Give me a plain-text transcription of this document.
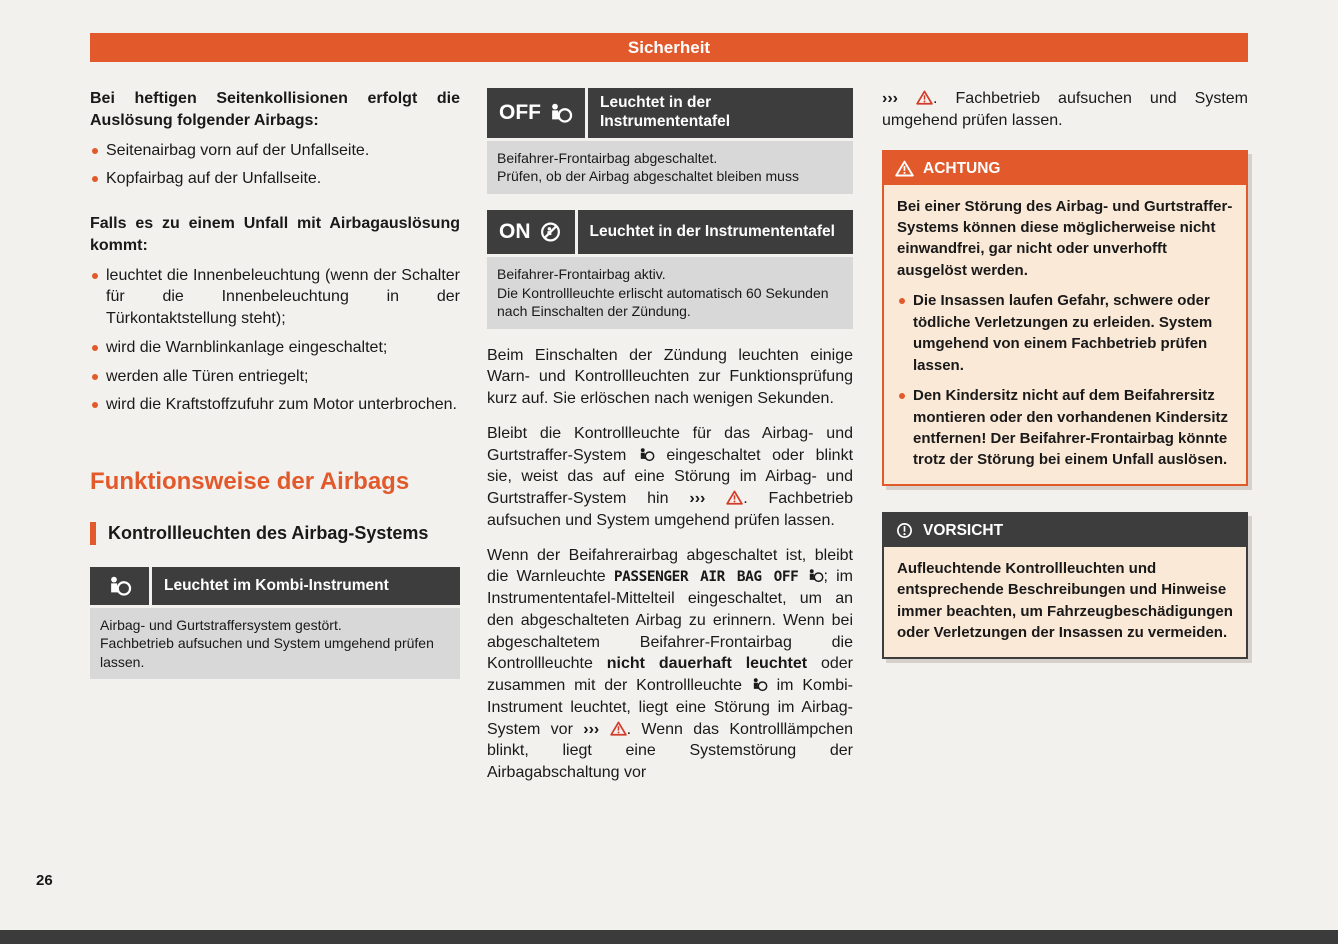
Sicherheit

Bei heftigen Seitenkollisionen erfolgt die Auslösung folgender Airbags:

Seitenairbag vorn auf der Unfallseite.
Kopfairbag auf der Unfallseite.

Falls es zu einem Unfall mit Airbagauslösung kommt:

leuchtet die Innenbeleuchtung (wenn der Schalter für die Innenbeleuchtung in der Türkontaktstellung steht);
wird die Warnblinkanlage eingeschaltet;
werden alle Türen entriegelt;
wird die Kraftstoffzufuhr zum Motor unterbrochen.
Funktionsweise der Airbags
Kontrollleuchten des Airbag-Systems
Leuchtet im Kombi-Instrument
Airbag- und Gurtstraffersystem gestört.
Fachbetrieb aufsuchen und System umgehend prüfen lassen.
OFF	Leuchtet in der Instrumententafel
Beifahrer-Frontairbag abgeschaltet.
Prüfen, ob der Airbag abgeschaltet bleiben muss
ON	Leuchtet in der Instrumententafel
Beifahrer-Frontairbag aktiv.
Die Kontrollleuchte erlischt automatisch 60 Sekunden nach Einschalten der Zündung.

Beim Einschalten der Zündung leuchten einige Warn- und Kontrollleuchten zur Funktionsprüfung kurz auf. Sie erlöschen nach wenigen Sekunden.

Bleibt die Kontrollleuchte für das Airbag- und Gurtstraffer-System
eingeschaltet oder blinkt sie, weist das auf eine Störung im Airbag- und Gurtstraffer-System hin ››› . Fachbetrieb aufsuchen und System umgehend prüfen lassen.

Wenn der Beifahrerairbag abgeschaltet ist, bleibt die Warnleuchte PASSENGER AIR BAG OFF ; im Instrumententafel-Mittelteil eingeschaltet, um an den abgeschalteten Airbag zu erinnern. Wenn bei abgeschaltetem Beifahrer-Frontairbag die Kontrollleuchte nicht dauerhaft leuchtet oder zusammen mit der Kontrollleuchte
im Kombi-Instrument leuchtet, liegt eine Störung im Airbag-System vor ››› . Wenn das Kontrolllämpchen blinkt, liegt eine Systemstörung der Airbagabschaltung vor

››› . Fachbetrieb aufsuchen und System umgehend prüfen lassen.

ACHTUNG

Bei einer Störung des Airbag- und Gurtstraffer-Systems können diese möglicherweise nicht einwandfrei, gar nicht oder unverhofft ausgelöst werden.

Die Insassen laufen Gefahr, schwere oder tödliche Verletzungen zu erleiden. System umgehend von einem Fachbetrieb prüfen lassen.
Den Kindersitz nicht auf dem Beifahrersitz montieren oder den vorhandenen Kindersitz entfernen! Der Beifahrer-Frontairbag könnte trotz der Störung bei einem Unfall auslösen.
VORSICHT

Aufleuchtende Kontrollleuchten und entsprechende Beschreibungen und Hinweise immer beachten, um Fahrzeugbeschädigungen oder Verletzungen der Insassen zu vermeiden.

26
